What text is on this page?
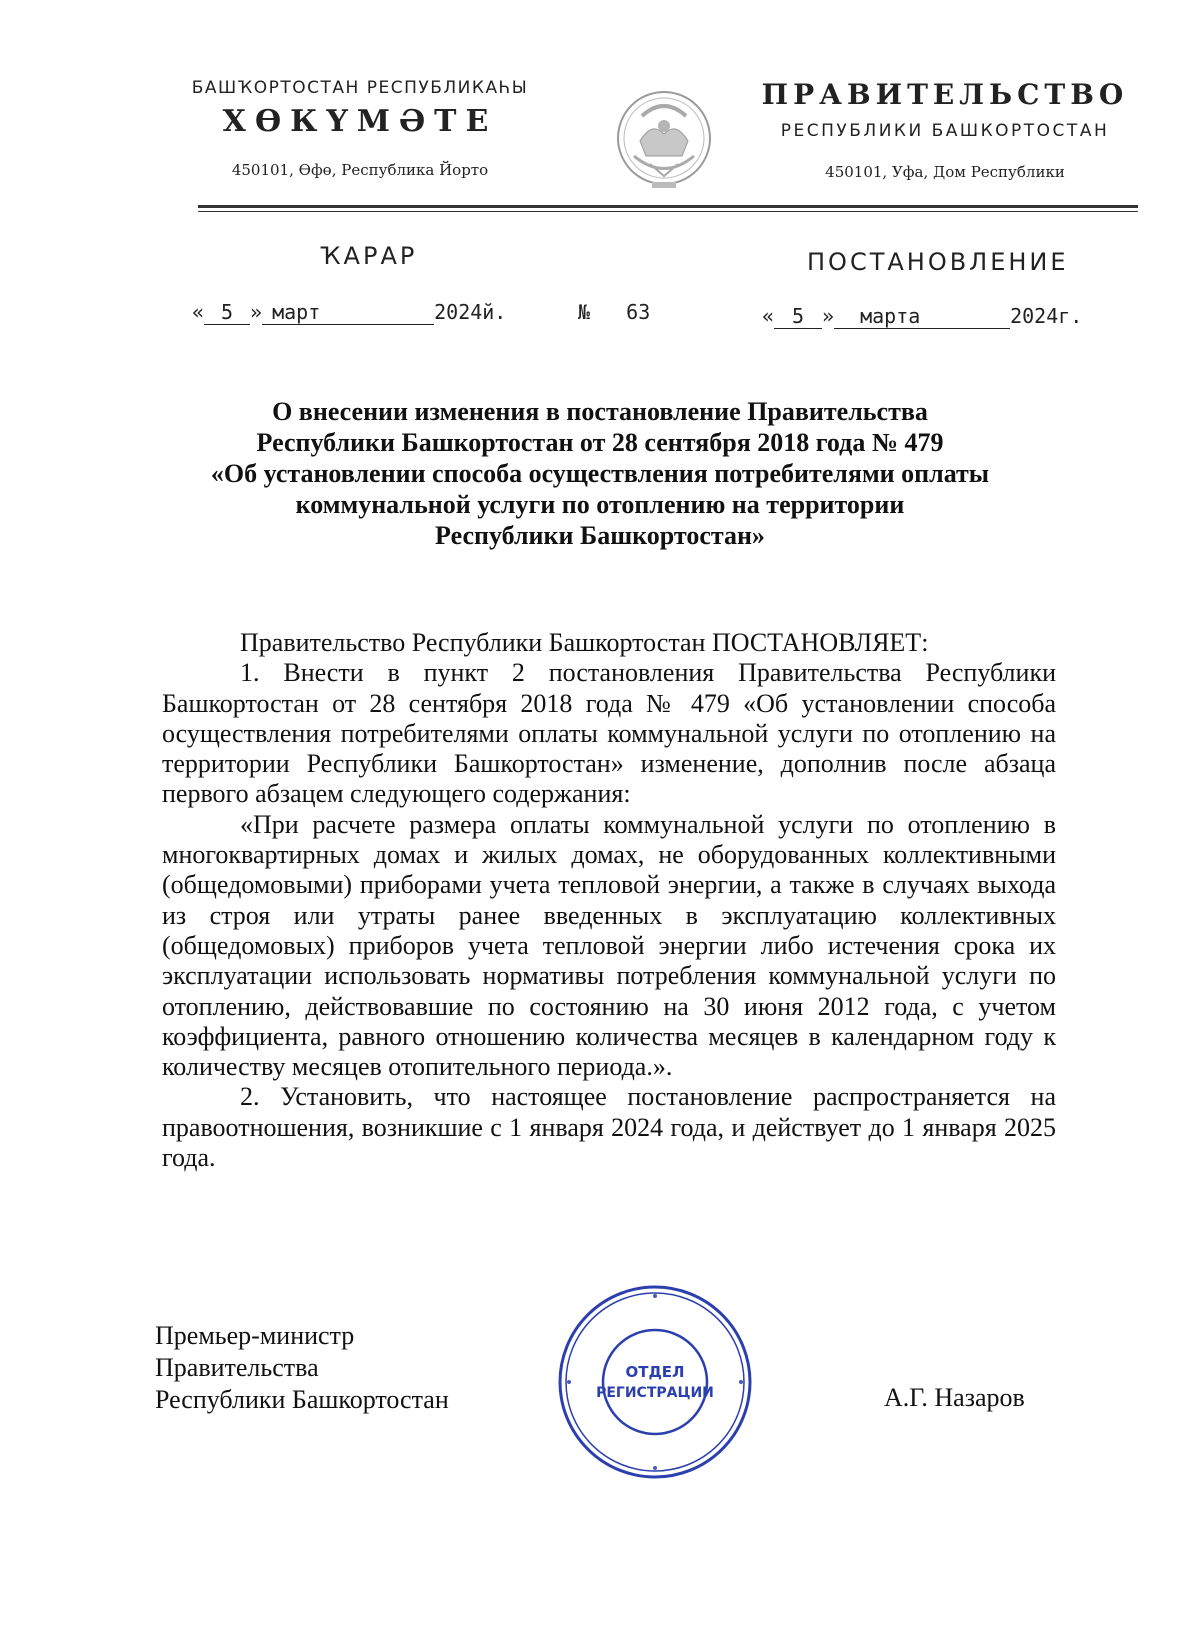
БАШҠОРТОСТАН РЕСПУБЛИКАҺЫ
ХӨКҮМӘТЕ
450101, Өфө, Республика Йорто
ПРАВИТЕЛЬСТВО
РЕСПУБЛИКИ БАШКОРТОСТАН
450101, Уфа, Дом Республики
ҠАРАР	ПОСТАНОВЛЕНИЕ
« 5 » март	2024й.	№ 63	« 5 » марта	2024г.
О внесении изменения в постановление Правительства
Республики Башкортостан от 28 сентября 2018 года № 479
«Об установлении способа осуществления потребителями оплаты
коммунальной услуги по отоплению на территории
Республики Башкортостан»

Правительство Республики Башкортостан ПОСТАНОВЛЯЕТ:

1. Внести в пункт 2 постановления Правительства Республики Башкортостан от 28 сентября 2018 года № 479 «Об установлении способа осуществления потребителями оплаты коммунальной услуги по отоплению на территории Республики Башкортостан» изменение, дополнив после абзаца первого абзацем следующего содержания:

«При расчете размера оплаты коммунальной услуги по отоплению в многоквартирных домах и жилых домах, не оборудованных коллективными (общедомовыми) приборами учета тепловой энергии, а также в случаях выхода из строя или утраты ранее введенных в эксплуатацию коллективных (общедомовых) приборов учета тепловой энергии либо истечения срока их эксплуатации использовать нормативы потребления коммунальной услуги по отоплению, действовавшие по состоянию на 30 июня 2012 года, с учетом коэффициента, равного отношению количества месяцев в календарном году к количеству месяцев отопительного периода.».

2. Установить, что настоящее постановление распространяется на правоотношения, возникшие с 1 января 2024 года, и действует до 1 января 2025 года.

Премьер-министр
Правительства
Республики Башкортостан	А.Г. Назаров
ОТДЕЛ
РЕГИСТРАЦИИ
